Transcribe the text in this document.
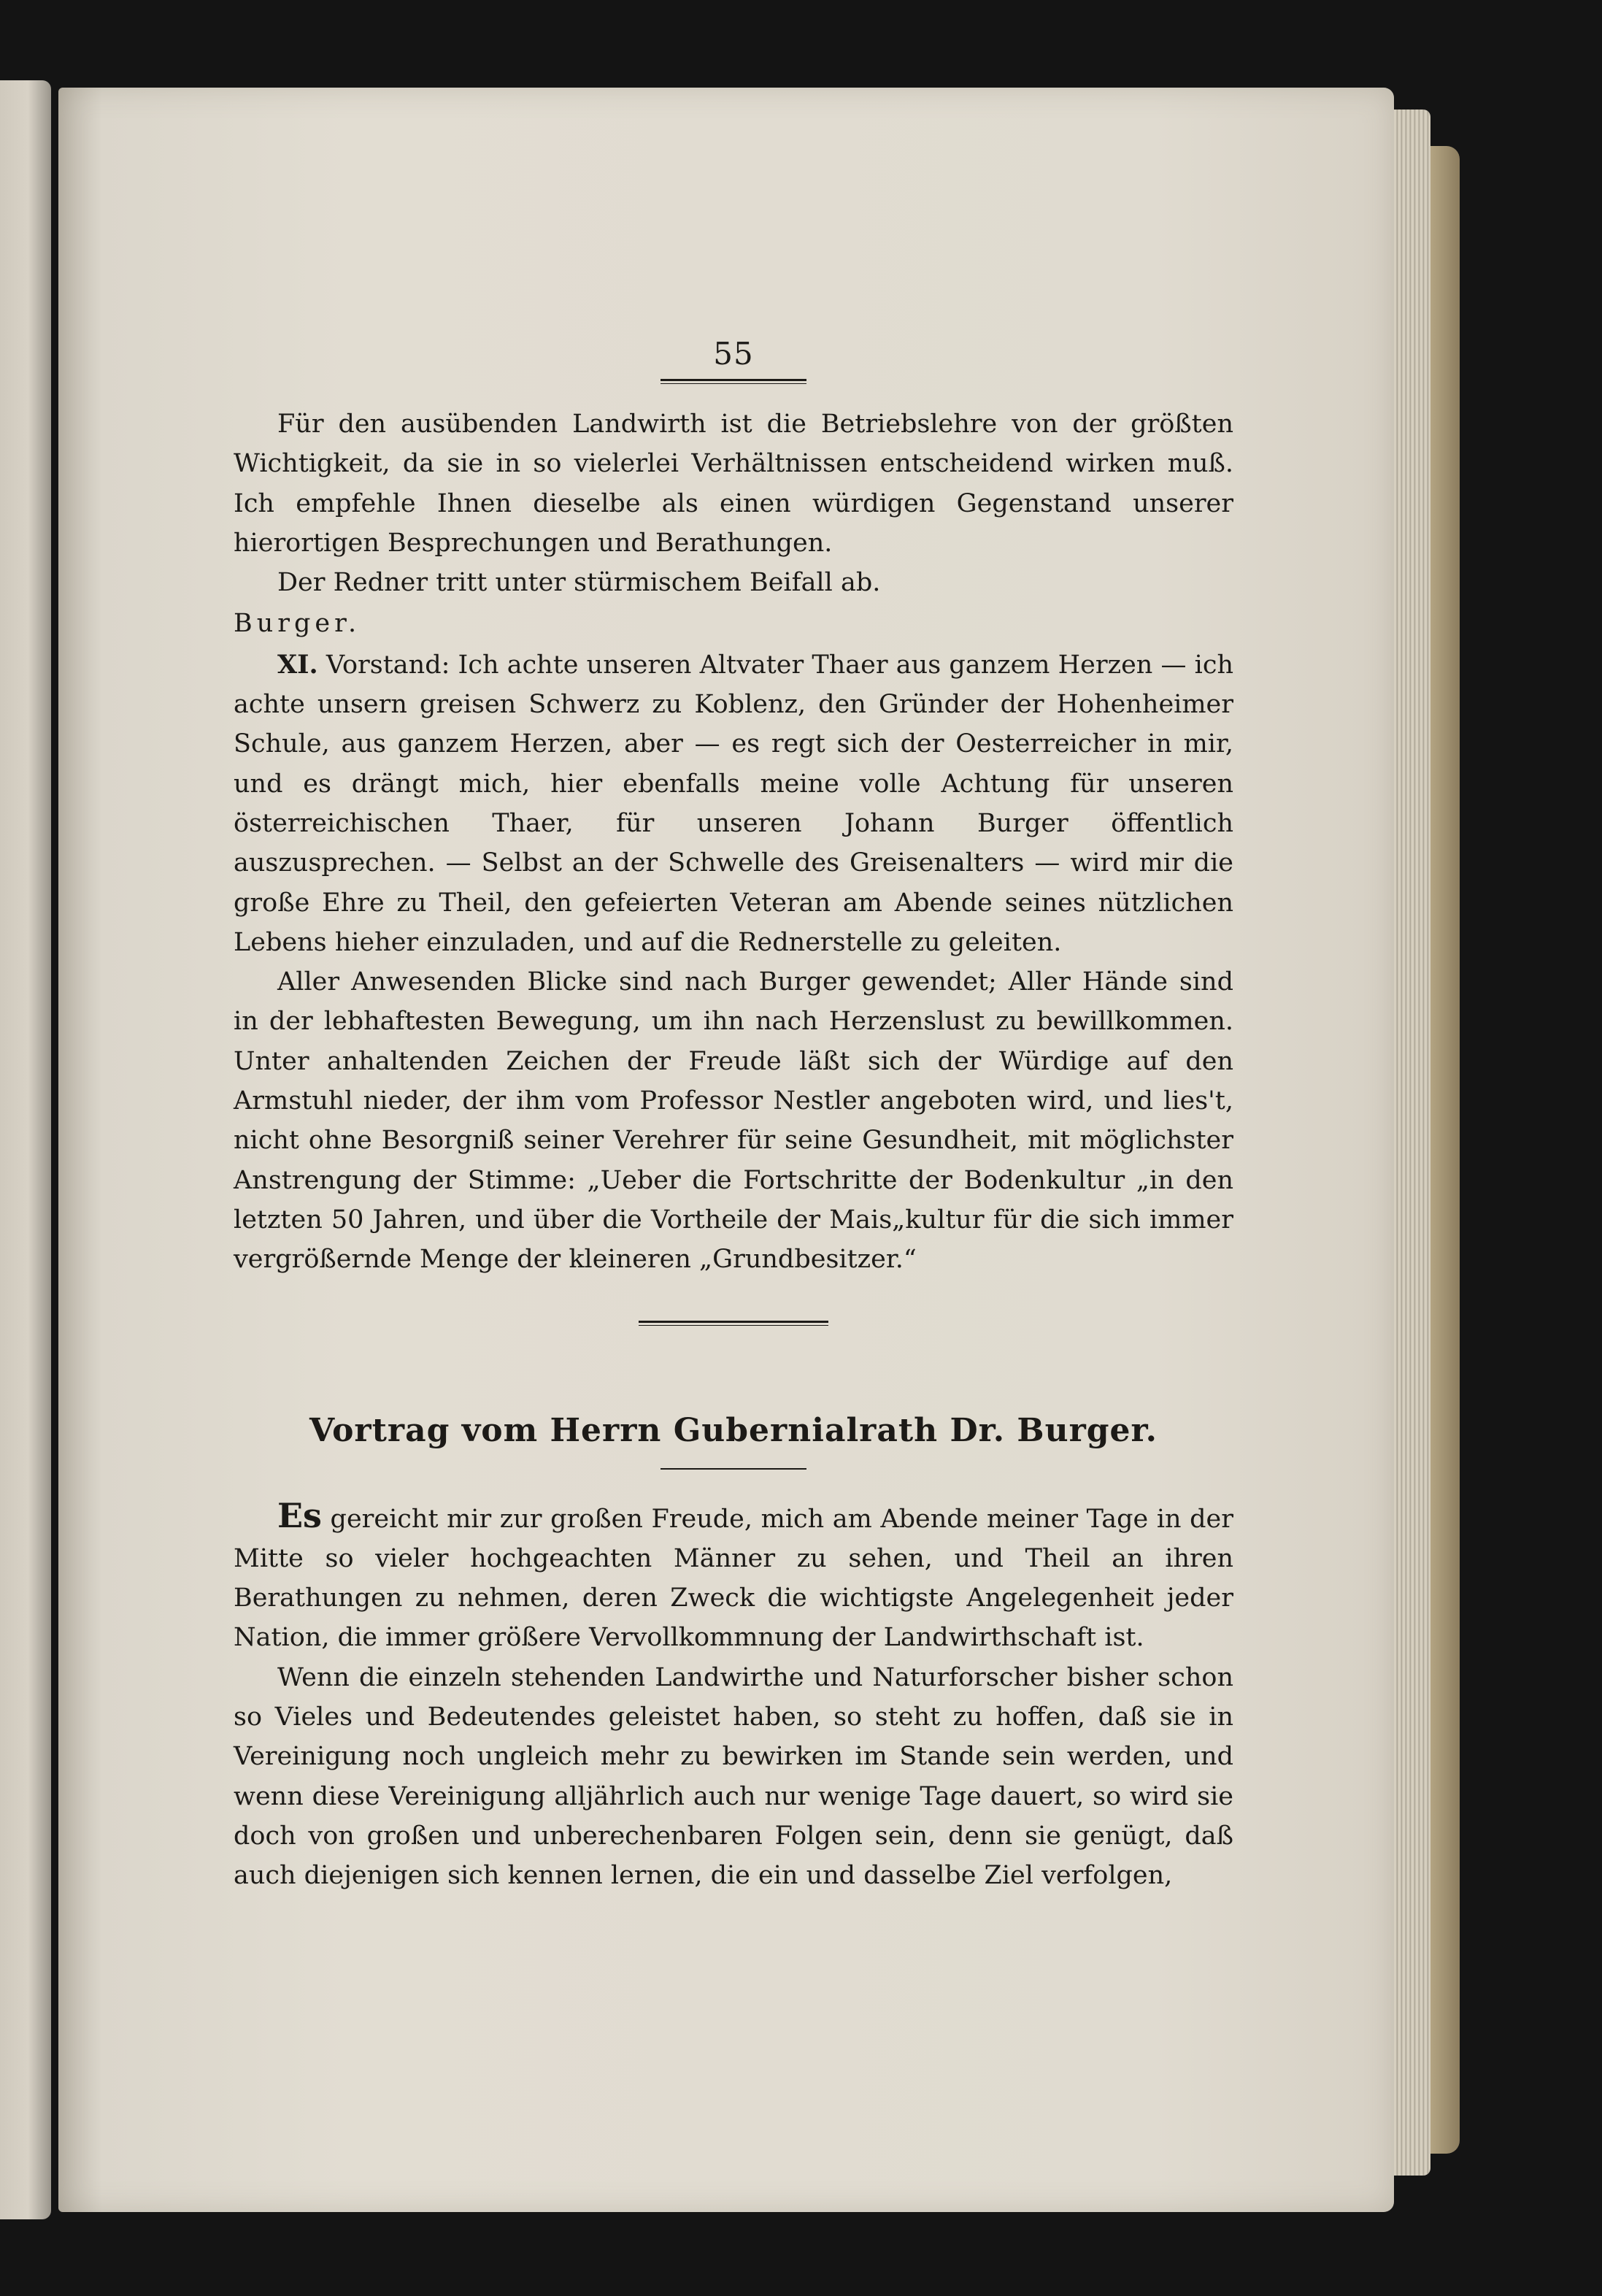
55

Für den ausübenden Landwirth ist die Betriebslehre von der größten Wichtigkeit, da sie in so vielerlei Verhältnissen entscheidend wirken muß. Ich empfehle Ihnen dieselbe als einen würdigen Gegenstand unserer hierortigen Besprechungen und Berathungen.

Der Redner tritt unter stürmischem Beifall ab.

Burger.

XI. Vorstand: Ich achte unseren Altvater Thaer aus ganzem Herzen — ich achte unsern greisen Schwerz zu Koblenz, den Gründer der Hohenheimer Schule, aus ganzem Herzen, aber — es regt sich der Oesterreicher in mir, und es drängt mich, hier ebenfalls meine volle Achtung für unseren österreichischen Thaer, für unseren Johann Burger öffentlich auszusprechen. — Selbst an der Schwelle des Greisenalters — wird mir die große Ehre zu Theil, den gefeierten Veteran am Abende seines nützlichen Lebens hieher einzuladen, und auf die Rednerstelle zu geleiten.

Aller Anwesenden Blicke sind nach Burger gewendet; Aller Hände sind in der lebhaftesten Bewegung, um ihn nach Herzenslust zu bewillkommen. Unter anhaltenden Zeichen der Freude läßt sich der Würdige auf den Armstuhl nieder, der ihm vom Professor Nestler angeboten wird, und lies't, nicht ohne Besorgniß seiner Verehrer für seine Gesundheit, mit möglichster Anstrengung der Stimme: „Ueber die Fortschritte der Bodenkultur „in den letzten 50 Jahren, und über die Vortheile der Mais„kultur für die sich immer vergrößernde Menge der kleineren „Grundbesitzer.“

Vortrag vom Herrn Gubernialrath Dr. Burger.

Es gereicht mir zur großen Freude, mich am Abende meiner Tage in der Mitte so vieler hochgeachten Männer zu sehen, und Theil an ihren Berathungen zu nehmen, deren Zweck die wichtigste Angelegenheit jeder Nation, die immer größere Vervollkommnung der Landwirthschaft ist.

Wenn die einzeln stehenden Landwirthe und Naturforscher bisher schon so Vieles und Bedeutendes geleistet haben, so steht zu hoffen, daß sie in Vereinigung noch ungleich mehr zu bewirken im Stande sein werden, und wenn diese Vereinigung alljährlich auch nur wenige Tage dauert, so wird sie doch von großen und unberechenbaren Folgen sein, denn sie genügt, daß auch diejenigen sich kennen lernen, die ein und dasselbe Ziel verfolgen,
